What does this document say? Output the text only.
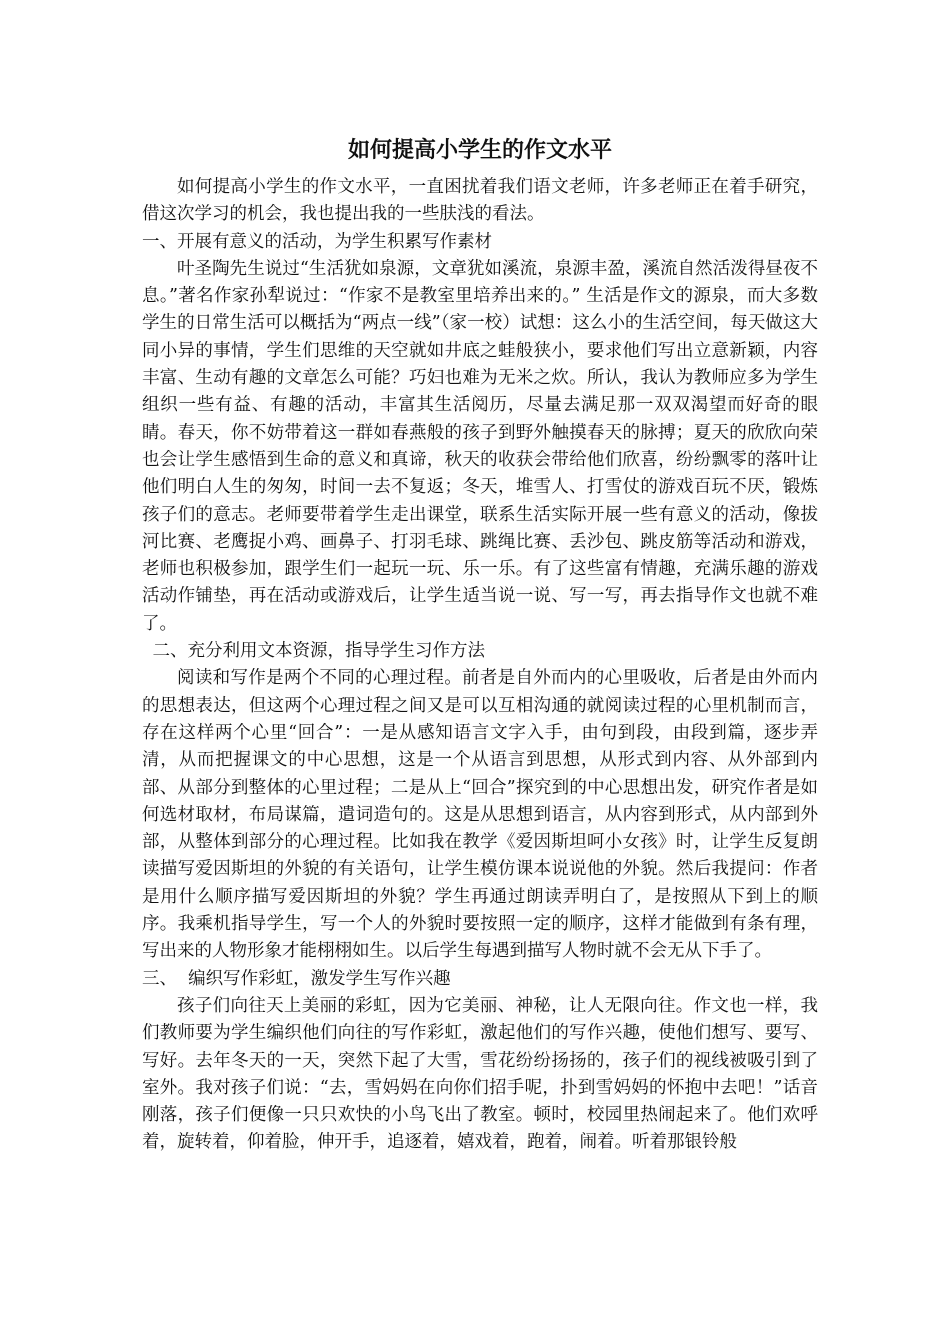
如何提高小学生的作文水平

如何提高小学生的作文水平，一直困扰着我们语文老师，许多老师正在着手研究，借这次学习的机会，我也提出我的一些肤浅的看法。

一、开展有意义的活动，为学生积累写作素材

叶圣陶先生说过“生活犹如泉源，文章犹如溪流，泉源丰盈，溪流自然活泼得昼夜不息。”著名作家孙犁说过：“作家不是教室里培养出来的。” 生活是作文的源泉，而大多数学生的日常生活可以概括为“两点一线”（家一校）试想：这么小的生活空间，每天做这大同小异的事情，学生们思维的天空就如井底之蛙般狭小，要求他们写出立意新颖，内容丰富、生动有趣的文章怎么可能？巧妇也难为无米之炊。所认，我认为教师应多为学生组织一些有益、有趣的活动，丰富其生活阅历，尽量去满足那一双双渴望而好奇的眼睛。春天，你不妨带着这一群如春燕般的孩子到野外触摸春天的脉搏；夏天的欣欣向荣也会让学生感悟到生命的意义和真谛，秋天的收获会带给他们欣喜，纷纷飘零的落叶让他们明白人生的匆匆，时间一去不复返；冬天，堆雪人、打雪仗的游戏百玩不厌，锻炼孩子们的意志。老师要带着学生走出课堂，联系生活实际开展一些有意义的活动，像拔河比赛、老鹰捉小鸡、画鼻子、打羽毛球、跳绳比赛、丢沙包、跳皮筋等活动和游戏，老师也积极参加，跟学生们一起玩一玩、乐一乐。有了这些富有情趣，充满乐趣的游戏活动作铺垫，再在活动或游戏后，让学生适当说一说、写一写，再去指导作文也就不难了。

二、充分利用文本资源，指导学生习作方法

阅读和写作是两个不同的心理过程。前者是自外而内的心里吸收，后者是由外而内的思想表达，但这两个心理过程之间又是可以互相沟通的就阅读过程的心里机制而言，存在这样两个心里“回合”：一是从感知语言文字入手，由句到段，由段到篇，逐步弄清，从而把握课文的中心思想，这是一个从语言到思想，从形式到内容、从外部到内部、从部分到整体的心里过程；二是从上“回合”探究到的中心思想出发，研究作者是如何选材取材，布局谋篇，遣词造句的。这是从思想到语言，从内容到形式，从内部到外部，从整体到部分的心理过程。比如我在教学《爱因斯坦呵小女孩》时，让学生反复朗读描写爱因斯坦的外貌的有关语句，让学生模仿课本说说他的外貌。然后我提问：作者是用什么顺序描写爱因斯坦的外貌？学生再通过朗读弄明白了，是按照从下到上的顺序。我乘机指导学生，写一个人的外貌时要按照一定的顺序，这样才能做到有条有理，写出来的人物形象才能栩栩如生。以后学生每遇到描写人物时就不会无从下手了。

三、  编织写作彩虹，激发学生写作兴趣

孩子们向往天上美丽的彩虹，因为它美丽、神秘，让人无限向往。作文也一样，我们教师要为学生编织他们向往的写作彩虹，激起他们的写作兴趣，使他们想写、要写、写好。去年冬天的一天，突然下起了大雪，雪花纷纷扬扬的，孩子们的视线被吸引到了室外。我对孩子们说：“去，雪妈妈在向你们招手呢，扑到雪妈妈的怀抱中去吧！”话音刚落，孩子们便像一只只欢快的小鸟飞出了教室。顿时，校园里热闹起来了。他们欢呼着，旋转着，仰着脸，伸开手，追逐着，嬉戏着，跑着，闹着。听着那银铃般
